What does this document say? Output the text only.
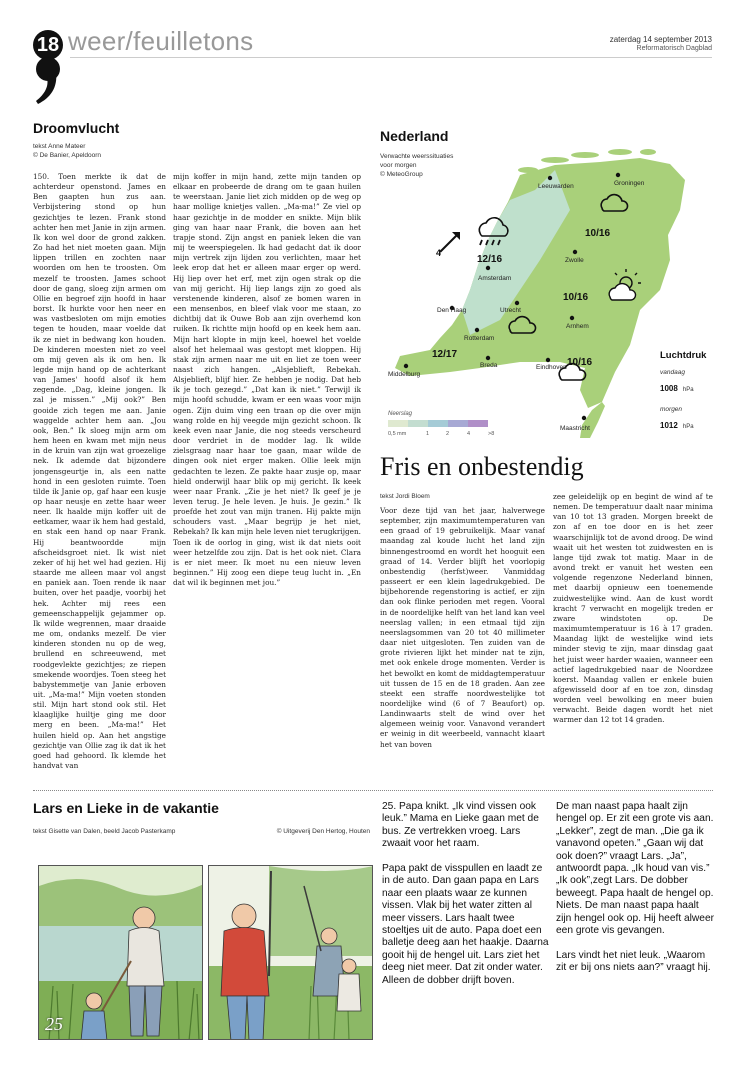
18 weer/feuilletons	zaterdag 14 september 2013
Reformatorisch Dagblad
Droomvlucht
tekst Anne Mateer
© De Banier, Apeldoorn
150. Toen merkte ik dat de achterdeur openstond. James en Ben gaapten hun zus aan. Verbijstering stond op hun gezichtjes te lezen. Frank stond achter hen met Janie in zijn armen. Ik kon wel door de grond zakken. Zo had het niet moeten gaan. Mijn lippen trillen en zochten naar woorden om hen te troosten. Om mezelf te troosten. James schoot door de gang, sloeg zijn armen om Ollie en begroef zijn hoofd in haar borst. Ik hurkte voor hen neer en was vastbesloten om mijn emoties tegen te houden, maar voelde dat ik ze niet in bedwang kon houden. De kinderen moesten niet zo veel om mij geven als ik om hen. Ik legde mijn hand op de achterkant van James' hoofd alsof ik hem zegende. „Dag, kleine jongen. Ik zal je missen.” „Mij ook?” Ben gooide zich tegen me aan. Janie waggelde achter hem aan. „Jou ook, Ben.” Ik sloeg mijn arm om hem heen en kwam met mijn neus in de kruin van zijn wat groezelige nek. Ik ademde dat bijzondere jongensgeurtje in, als een natte hond in een gesloten ruimte. Toen tilde ik Janie op, gaf haar een kusje op haar neusje en zette haar weer neer. Ik haalde mijn koffer uit de eetkamer, waar ik hem had gestald, en stak een hand op naar Frank. Hij beantwoordde mijn afscheidsgroet niet. Ik wist niet zeker of hij het wel had gezien. Hij staarde me alleen maar vol angst en paniek aan. Toen rende ik naar buiten, over het paadje, voorbij het hek. Achter mij rees een gemeenschappelijk gejammer op. Ik wilde wegrennen, maar draaide me om, ondanks mezelf. De vier kinderen stonden nu op de weg, brullend en schreeuwend, met roodgevlekte gezichtjes; ze riepen smekende woordjes. Toen steeg het babystemmetje van Janie erboven uit. „Ma-ma!” Mijn voeten stonden stil. Mijn hart stond ook stil. Het klaaglijke huiltje ging me door merg en been. „Ma-ma!” Het huilen hield op. Aan het angstige gezichtje van Ollie zag ik dat ik het goed had gehoord. Ik klemde het handvat van
mijn koffer in mijn hand, zette mijn tanden op elkaar en probeerde de drang om te gaan huilen te weerstaan. Janie liet zich midden op de weg op haar mollige knietjes vallen. „Ma-ma!” Ze viel op haar gezichtje in de modder en snikte. Mijn blik ging van haar naar Frank, die boven aan het trapje stond. Zijn angst en paniek leken die van mij te weerspiegelen. Ik had gedacht dat ik door mijn vertrek zijn lijden zou verlichten, maar het leek erop dat het er alleen maar erger op werd. Hij liep over het erf, met zijn ogen strak op die van mij gericht. Hij liep langs zijn zo goed als verstenende kinderen, alsof ze bomen waren in een mensenbos, en bleef vlak voor me staan, zo dichtbij dat ik Ouwe Bob aan zijn overhemd kon ruiken. Ik richtte mijn hoofd op en keek hem aan. Mijn hart klopte in mijn keel, hoewel het voelde alsof het helemaal was gestopt met kloppen. Hij stak zijn armen naar me uit en liet ze toen weer naast zich hangen. „Alsjeblieft, Rebekah. Alsjeblieft, blijf hier. Ze hebben je nodig. Dat heb ik je toch gezegd.” „Dat kan ik niet.” Terwijl ik mijn hoofd schudde, kwam er een waas voor mijn ogen. Zijn duim ving een traan op die over mijn wang rolde en hij veegde mijn gezicht schoon. Ik keek even naar Janie, die nog steeds verscheurd door verdriet in de modder lag. Ik wilde zielsgraag naar haar toe gaan, maar wilde de dingen ook niet erger maken. Ollie leek mijn gedachten te lezen. Ze pakte haar zusje op, maar hield onderwijl haar blik op mij gericht. Ik keek weer naar Frank. „Zie je het niet? Ik geef je je leven terug. Je hele leven. Je huis. Je gezin.” Ik proefde het zout van mijn tranen. Hij pakte mijn schouders vast. „Maar begrijp je het niet, Rebekah? Ik kan mijn hele leven niet terugkrijgen. Toen ik de oorlog in ging, wist ik dat niets ooit weer hetzelfde zou zijn. Dat is het ook niet. Clara is er niet meer. Ik moet nu een nieuw leven beginnen.” Hij zoog een diepe teug lucht in. „En dat wil ik beginnen met jou.”
Leeuwarden	Groningen
Zwolle
Amsterdam
Den Haag	Utrecht
Rotterdam
Arnhem
Middelburg
Breda	Eindhoven
Maastricht
12/16
10/16
10/16
12/17
10/16
4
Neerslag
0,5 mm	1	2	4	>8
Nederland
Verwachte weerssituaties
voor morgen
© MeteoGroup
Luchtdruk
vandaag
1008 hPa
morgen
1012 hPa
Fris en onbestendig
tekst Jordi Bloem
Voor deze tijd van het jaar, halverwege september, zijn maximumtemperaturen van een graad of 19 gebruikelijk. Maar vanaf maandag zal koude lucht het land zijn binnengestroomd en wordt het hooguit een graad of 14. Verder blijft het voorlopig onbestendig (herfst)weer. Vanmiddag passeert er een klein lagedrukgebied. De bijbehorende regenstoring is actief, er zijn dan ook flinke perioden met regen. Vooral in de noordelijke helft van het land kan veel neerslag vallen; in een etmaal tijd zijn neerslagsommen van 20 tot 40 millimeter daar niet uitgesloten. Ten zuiden van de grote rivieren lijkt het minder nat te zijn, met ook enkele droge momenten. Verder is het bewolkt en komt de middagtemperatuur uit tussen de 15 en de 18 graden. Aan zee steekt een straffe noordwestelijke tot noordelijke wind (6 of 7 Beaufort) op. Landinwaarts stelt de wind over het algemeen weinig voor. Vanavond verandert er weinig in dit weerbeeld, vannacht klaart het van boven
zee geleidelijk op en begint de wind af te nemen. De temperatuur daalt naar minima van 10 tot 13 graden. Morgen breekt de zon af en toe door en is het zeer waarschijnlijk tot de avond droog. De wind waait uit het westen tot zuidwesten en is lange tijd zwak tot matig. Maar in de avond trekt er vanuit het westen een volgende regenzone Nederland binnen, met daarbij opnieuw een toenemende zuidwestelijke wind. Aan de kust wordt kracht 7 verwacht en mogelijk treden er zware windstoten op. De maximumtemperatuur is 16 à 17 graden. Maandag lijkt de westelijke wind iets minder stevig te zijn, maar dinsdag gaat het juist weer harder waaien, wanneer een actief lagedrukgebied naar de Noordzee koerst. Maandag vallen er enkele buien afgewisseld door af en toe zon, dinsdag worden veel bewolking en meer buien verwacht. Beide dagen wordt het niet warmer dan 12 tot 14 graden.
Lars en Lieke in de vakantie
tekst Gisette van Dalen, beeld Jacob Pasterkamp	© Uitgeverij Den Hertog, Houten
25
25. Papa knikt. „Ik vind vissen ook leuk.” Mama en Lieke gaan met de bus. Ze vertrekken vroeg. Lars zwaait voor het raam.

Papa pakt de visspullen en laadt ze in de auto. Dan gaan papa en Lars naar een plaats waar ze kunnen vissen. Vlak bij het water zitten al meer vissers. Lars haalt twee stoeltjes uit de auto. Papa doet een balletje deeg aan het haakje. Daarna gooit hij de hengel uit. Lars ziet het deeg niet meer. Dat zit onder water. Alleen de dobber drijft boven.
De man naast papa haalt zijn hengel op. Er zit een grote vis aan. „Lekker”, zegt de man. „Die ga ik vanavond opeten.” „Gaan wij dat ook doen?” vraagt Lars. „Ja”, antwoordt papa. „Ik houd van vis.” „Ik ook”,zegt Lars. De dobber beweegt. Papa haalt de hengel op. Niets. De man naast papa haalt zijn hengel ook op. Hij heeft alweer een grote vis gevangen.

Lars vindt het niet leuk. „Waarom zit er bij ons niets aan?” vraagt hij.
